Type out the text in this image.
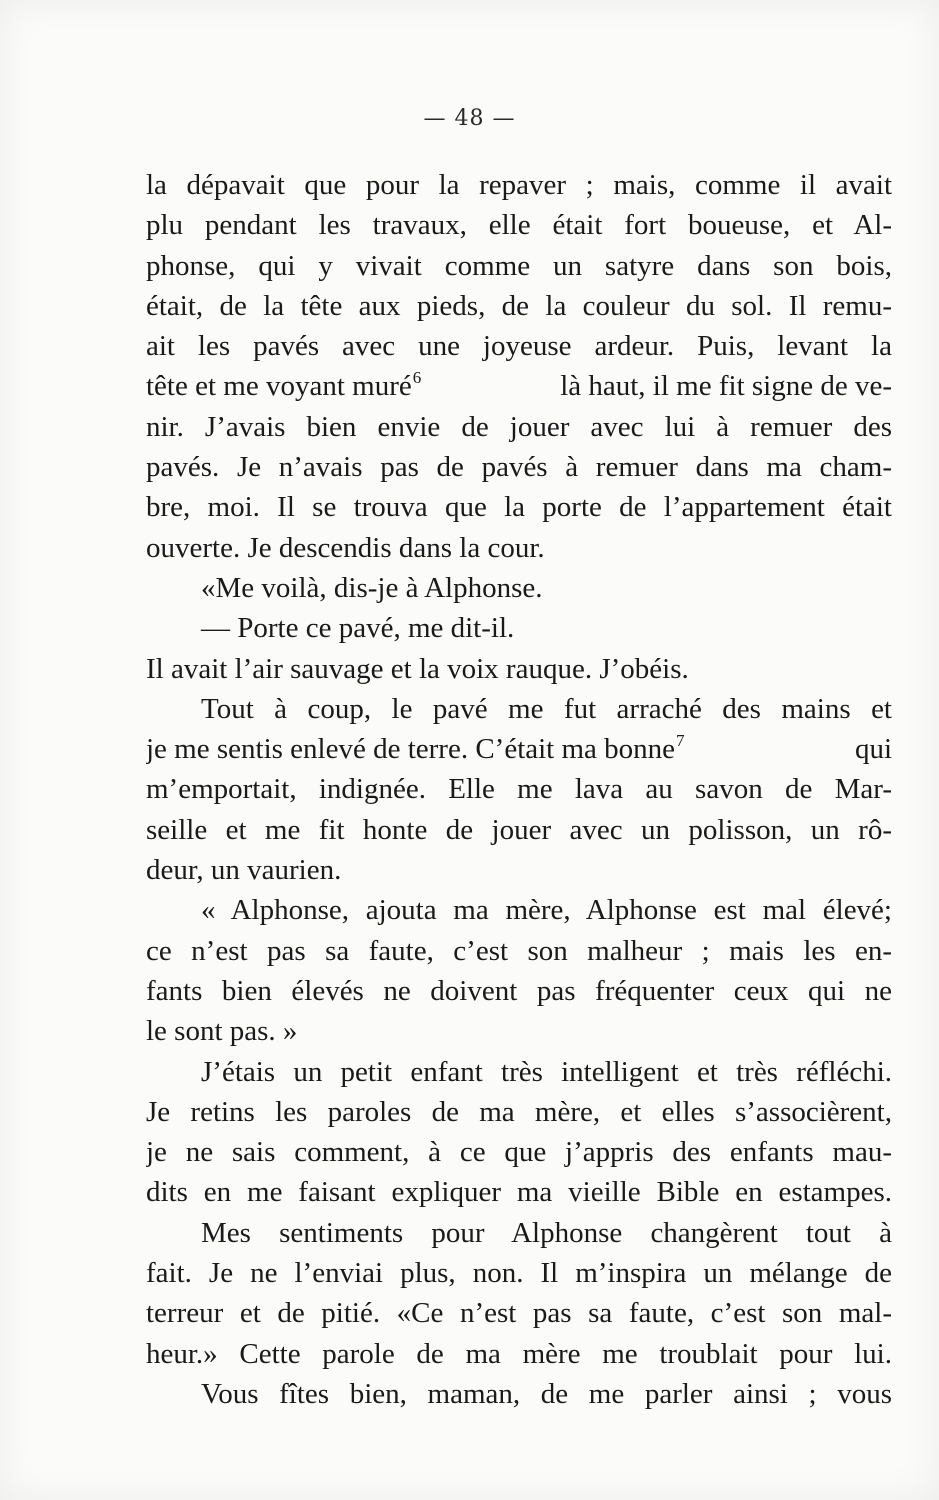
— 48 —
la dépavait que pour la repaver ; mais, comme il avait
plu pendant les travaux, elle était fort boueuse, et Al-
phonse, qui y vivait comme un satyre dans son bois,
était, de la tête aux pieds, de la couleur du sol. Il remu-
ait les pavés avec une joyeuse ardeur. Puis, levant la
tête et me voyant muré$^6$	là haut, il me fit signe de ve-
nir. J’avais bien envie de jouer avec lui à remuer des
pavés. Je n’avais pas de pavés à remuer dans ma cham-
bre, moi. Il se trouva que la porte de l’appartement était
ouverte. Je descendis dans la cour.
«Me voilà, dis-je à Alphonse.
— Porte ce pavé, me dit-il.
Il avait l’air sauvage et la voix rauque. J’obéis.
Tout à coup, le pavé me fut arraché des mains et
je me sentis enlevé de terre. C’était ma bonne$^7$	qui
m’emportait, indignée. Elle me lava au savon de Mar-
seille et me fit honte de jouer avec un polisson, un rô-
deur, un vaurien.
« Alphonse, ajouta ma mère, Alphonse est mal élevé;
ce n’est pas sa faute, c’est son malheur ; mais les en-
fants bien élevés ne doivent pas fréquenter ceux qui ne
le sont pas. »
J’étais un petit enfant très intelligent et très réfléchi.
Je retins les paroles de ma mère, et elles s’associèrent,
je ne sais comment, à ce que j’appris des enfants mau-
dits en me faisant expliquer ma vieille Bible en estampes.
Mes sentiments pour Alphonse changèrent tout à
fait. Je ne l’enviai plus, non. Il m’inspira un mélange de
terreur et de pitié. «Ce n’est pas sa faute, c’est son mal-
heur.» Cette parole de ma mère me troublait pour lui.
Vous fîtes bien, maman, de me parler ainsi ; vous
